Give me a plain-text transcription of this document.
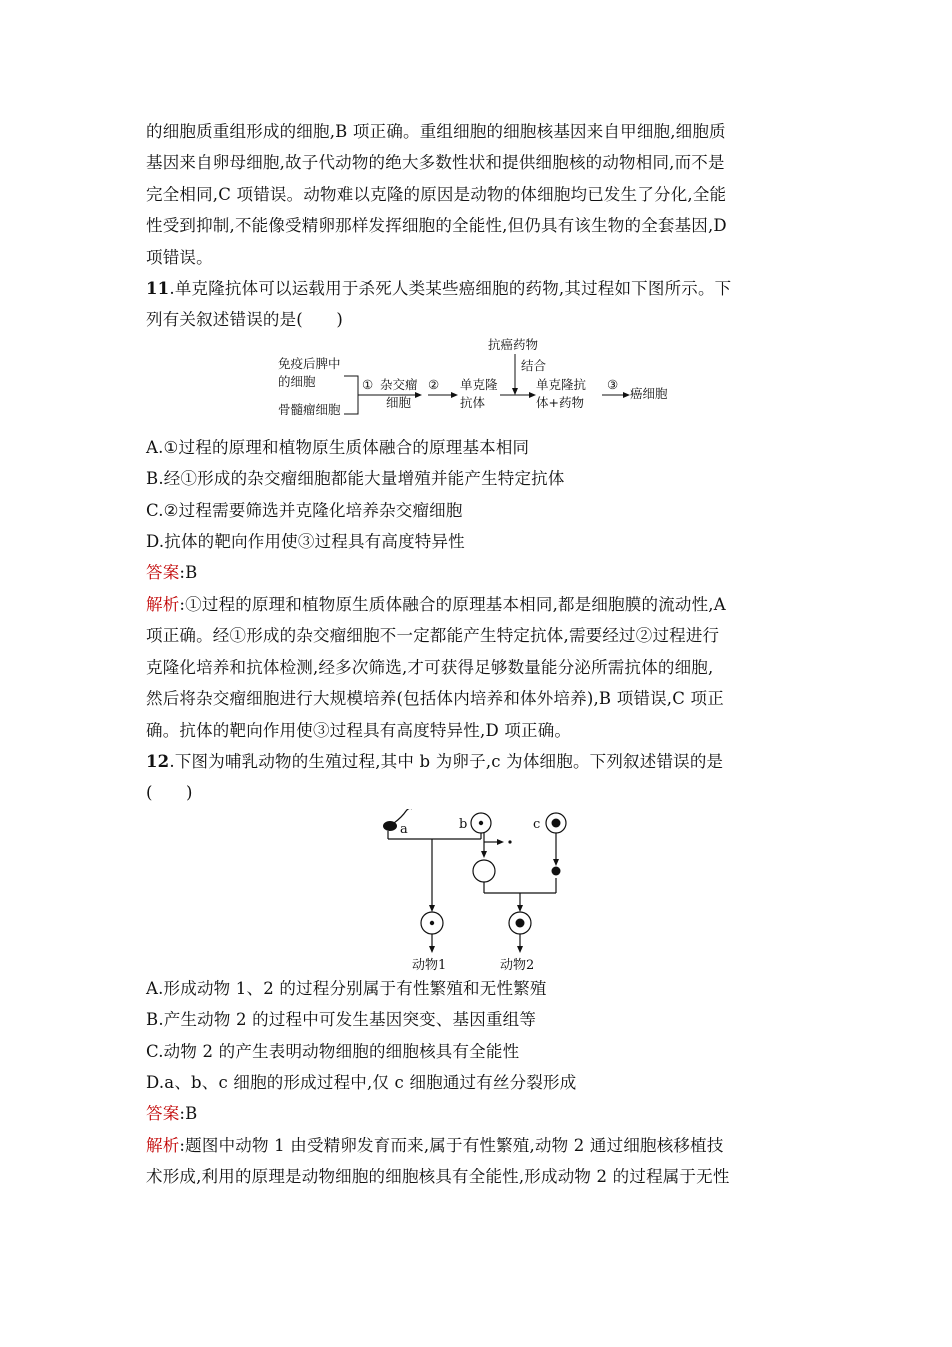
的细胞质重组形成的细胞,B 项正确。重组细胞的细胞核基因来自甲细胞,细胞质
基因来自卵母细胞,故子代动物的绝大多数性状和提供细胞核的动物相同,而不是
完全相同,C 项错误。动物难以克隆的原因是动物的体细胞均已发生了分化,全能
性受到抑制,不能像受精卵那样发挥细胞的全能性,但仍具有该生物的全套基因,D
项错误。
11.单克隆抗体可以运载用于杀死人类某些癌细胞的药物,其过程如下图所示。下
列有关叙述错误的是(　　)
抗癌药物
结合
免疫后脾中
的细胞
骨髓瘤细胞
① 杂交瘤
细胞
② 单克隆
抗体
单克隆抗
体+药物
③
癌细胞
A.①过程的原理和植物原生质体融合的原理基本相同
B.经①形成的杂交瘤细胞都能大量增殖并能产生特定抗体
C.②过程需要筛选并克隆化培养杂交瘤细胞
D.抗体的靶向作用使③过程具有高度特异性
答案:B
解析:①过程的原理和植物原生质体融合的原理基本相同,都是细胞膜的流动性,A
项正确。经①形成的杂交瘤细胞不一定都能产生特定抗体,需要经过②过程进行
克隆化培养和抗体检测,经多次筛选,才可获得足够数量能分泌所需抗体的细胞,
然后将杂交瘤细胞进行大规模培养(包括体内培养和体外培养),B 项错误,C 项正
确。抗体的靶向作用使③过程具有高度特异性,D 项正确。
12.下图为哺乳动物的生殖过程,其中 b 为卵子,c 为体细胞。下列叙述错误的是
(　　)
a	b	c
动物1	动物2
A.形成动物 1、2 的过程分别属于有性繁殖和无性繁殖
B.产生动物 2 的过程中可发生基因突变、基因重组等
C.动物 2 的产生表明动物细胞的细胞核具有全能性
D.a、b、c 细胞的形成过程中,仅 c 细胞通过有丝分裂形成
答案:B
解析:题图中动物 1 由受精卵发育而来,属于有性繁殖,动物 2 通过细胞核移植技
术形成,利用的原理是动物细胞的细胞核具有全能性,形成动物 2 的过程属于无性
